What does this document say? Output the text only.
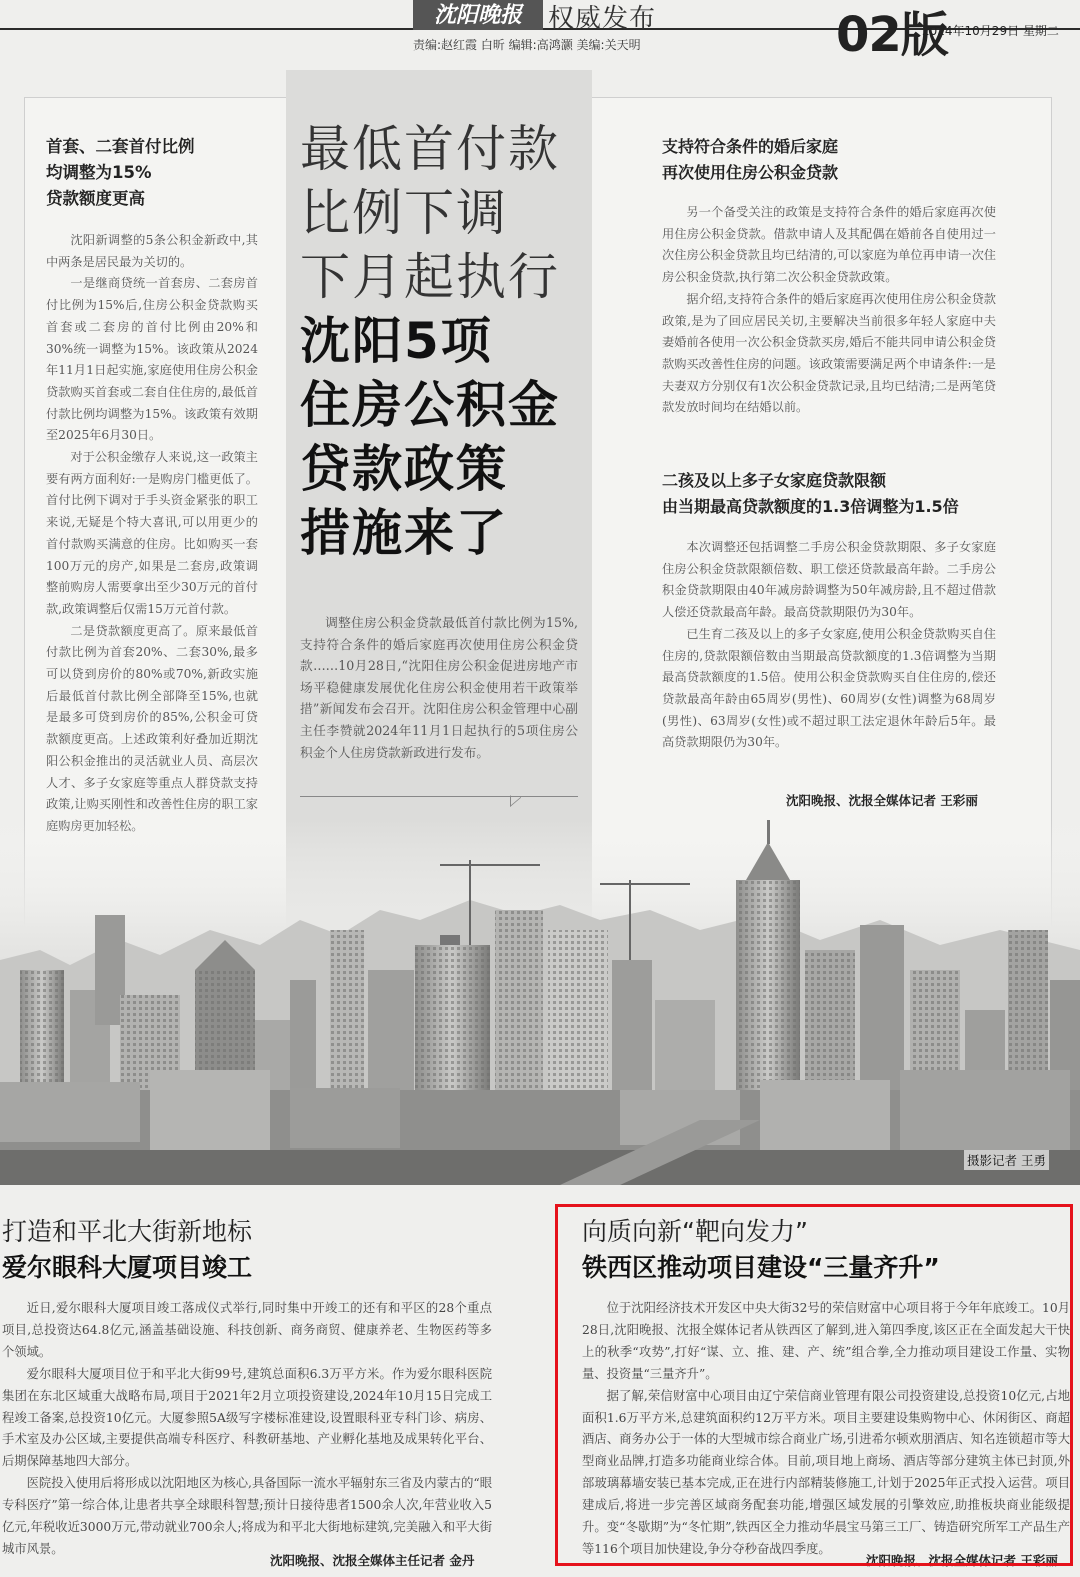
沈阳晚报	权威发布
责编:赵红霞 白昕 编辑:高鸿灏 美编:关天明	02版
2024年10月29日 星期二
首套、二套首付比例
均调整为15%
贷款额度更高

沈阳新调整的5条公积金新政中,其中两条是居民最为关切的。

一是继商贷统一首套房、二套房首付比例为15%后,住房公积金贷款购买首套或二套房的首付比例由20%和30%统一调整为15%。该政策从2024年11月1日起实施,家庭使用住房公积金贷款购买首套或二套自住住房的,最低首付款比例均调整为15%。该政策有效期至2025年6月30日。

对于公积金缴存人来说,这一政策主要有两方面利好:一是购房门槛更低了。首付比例下调对于手头资金紧张的职工来说,无疑是个特大喜讯,可以用更少的首付款购买满意的住房。比如购买一套100万元的房产,如果是二套房,政策调整前购房人需要拿出至少30万元的首付款,政策调整后仅需15万元首付款。

二是贷款额度更高了。原来最低首付款比例为首套20%、二套30%,最多可以贷到房价的80%或70%,新政实施后最低首付款比例全部降至15%,也就是最多可贷到房价的85%,公积金可贷款额度更高。上述政策利好叠加近期沈阳公积金推出的灵活就业人员、高层次人才、多子女家庭等重点人群贷款支持政策,让购买刚性和改善性住房的职工家

最低首付款
比例下调
下月起执行
沈阳5项
住房公积金
贷款政策
措施来了

调整住房公积金贷款最低首付款比例为15%,支持符合条件的婚后家庭再次使用住房公积金贷款……10月28日,“沈阳住房公积金促进房地产市场平稳健康发展优化住房公积金使用若干政策举措”新闻发布会召开。沈阳住房公积金管理中心副主任李赞就2024年11月1日起执行的5项住房公积金个人住房贷款新政进行发布。

支持符合条件的婚后家庭
再次使用住房公积金贷款

另一个备受关注的政策是支持符合条件的婚后家庭再次使用住房公积金贷款。借款申请人及其配偶在婚前各自使用过一次住房公积金贷款且均已结清的,可以家庭为单位再申请一次住房公积金贷款,执行第二次公积金贷款政策。

据介绍,支持符合条件的婚后家庭再次使用住房公积金贷款政策,是为了回应居民关切,主要解决当前很多年轻人家庭中夫妻婚前各使用一次公积金贷款买房,婚后不能共同申请公积金贷款购买改善性住房的问题。该政策需要满足两个申请条件:一是夫妻双方分别仅有1次公积金贷款记录,且均已结清;二是两笔贷款发放时间均在结婚以前。

二孩及以上多子女家庭贷款限额
由当期最高贷款额度的1.3倍调整为1.5倍

本次调整还包括调整二手房公积金贷款期限、多子女家庭住房公积金贷款限额倍数、职工偿还贷款最高年龄。二手房公积金贷款期限由40年减房龄调整为50年减房龄,且不超过借款人偿还贷款最高年龄。最高贷款期限仍为30年。

已生育二孩及以上的多子女家庭,使用公积金贷款购买自住住房的,贷款限额倍数由当期最高贷款额度的1.3倍调整为当期最高贷款额度的1.5倍。使用公积金贷款购买自住住房的,偿还贷款最高年龄由65周岁(男性)、60周岁(女性)调整为68周岁(男性)、63周岁(女性)或不超过职工法定退休年龄后5年。最高贷款期限仍为30年。

沈阳晚报、沈报全媒体记者 王彩丽
摄影记者 王勇
打造和平北大街新地标
爱尔眼科大厦项目竣工

近日,爱尔眼科大厦项目竣工落成仪式举行,同时集中开竣工的还有和平区的28个重点项目,总投资达64.8亿元,涵盖基础设施、科技创新、商务商贸、健康养老、生物医药等多个领域。

爱尔眼科大厦项目位于和平北大街99号,建筑总面积6.3万平方米。作为爱尔眼科医院集团在东北区域重大战略布局,项目于2021年2月立项投资建设,2024年10月15日完成工程竣工备案,总投资10亿元。大厦参照5A级写字楼标准建设,设置眼科亚专科门诊、病房、手术室及办公区域,主要提供高端专科医疗、科教研基地、产业孵化基地及成果转化平台、后期保障基地四大部分。

医院投入使用后将形成以沈阳地区为核心,具备国际一流水平辐射东三省及内蒙古的“眼专科医疗”第一综合体,让患者共享全球眼科智慧;预计日接待患者1500余人次,年营业收入5亿元,年税收近3000万元,带动就业700余人;将成为和平北大街地标建筑,完美融入和平大街城市风景。

沈阳晚报、沈报全媒体主任记者 金丹
向质向新“靶向发力”
铁西区推动项目建设“三量齐升”

位于沈阳经济技术开发区中央大街32号的荣信财富中心项目将于今年年底竣工。10月28日,沈阳晚报、沈报全媒体记者从铁西区了解到,进入第四季度,该区正在全面发起大干快上的秋季“攻势”,打好“谋、立、推、建、产、统”组合拳,全力推动项目建设工作量、实物量、投资量“三量齐升”。

据了解,荣信财富中心项目由辽宁荣信商业管理有限公司投资建设,总投资10亿元,占地面积1.6万平方米,总建筑面积约12万平方米。项目主要建设集购物中心、休闲街区、商超酒店、商务办公于一体的大型城市综合商业广场,引进希尔顿欢朋酒店、知名连锁超市等大型商业品牌,打造多功能商业综合体。目前,项目地上商场、酒店等部分建筑主体已封顶,外部玻璃幕墙安装已基本完成,正在进行内部精装修施工,计划于2025年正式投入运营。项目建成后,将进一步完善区域商务配套功能,增强区域发展的引擎效应,助推板块商业能级提升。变“冬歇期”为“冬忙期”,铁西区全力推动华晨宝马第三工厂、铸造研究所军工产品生产等116个项目加快建设,争分夺秒奋战四季度。

沈阳晚报、沈报全媒体记者 王彩丽
